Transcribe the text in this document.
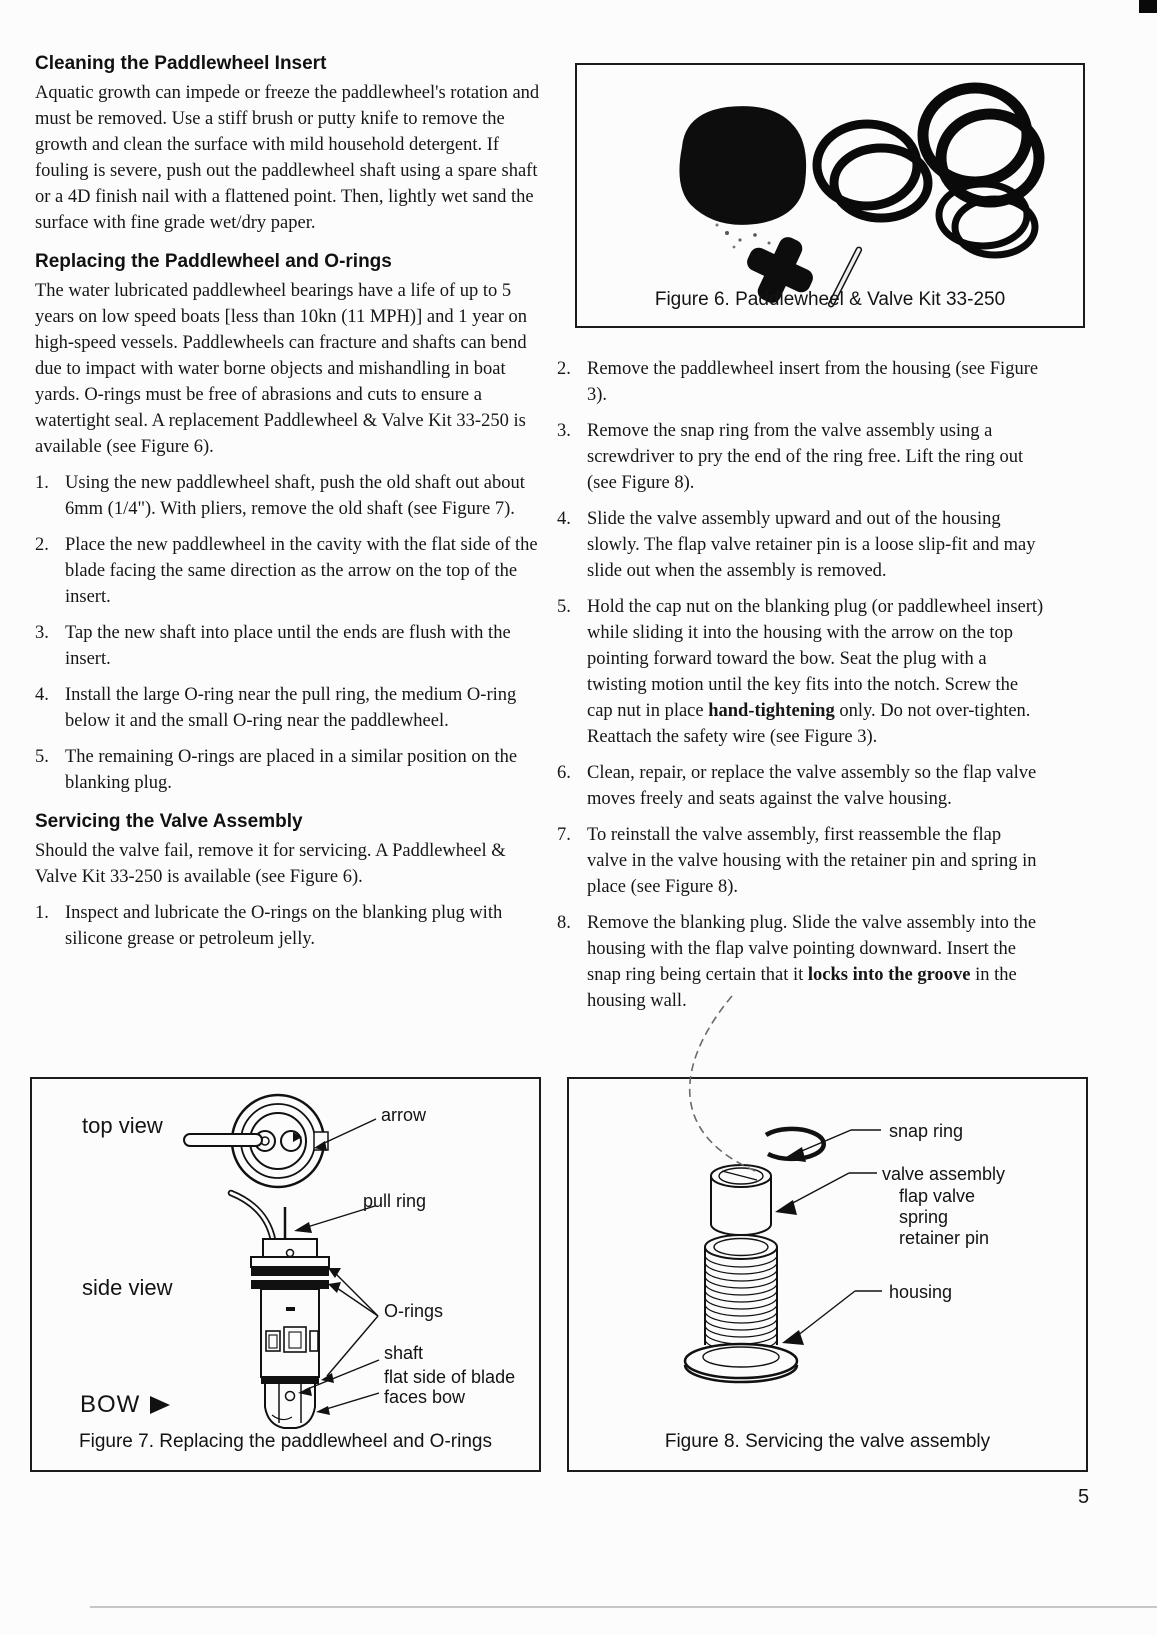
Cleaning the Paddlewheel Insert

Aquatic growth can impede or freeze the paddlewheel's rotation and must be removed. Use a stiff brush or putty knife to remove the growth and clean the surface with mild household detergent. If fouling is severe, push out the paddlewheel shaft using a spare shaft or a 4D finish nail with a flattened point. Then, lightly wet sand the surface with fine grade wet/dry paper.

Replacing the Paddlewheel and O-rings

The water lubricated paddlewheel bearings have a life of up to 5 years on low speed boats [less than 10kn (11 MPH)] and 1 year on high-speed vessels. Paddlewheels can fracture and shafts can bend due to impact with water borne objects and mishandling in boat yards. O-rings must be free of abrasions and cuts to ensure a watertight seal. A replacement Paddlewheel & Valve Kit 33-250 is available (see Figure 6).

1. Using the new paddlewheel shaft, push the old shaft out about 6mm (1/4"). With pliers, remove the old shaft (see Figure 7).
2. Place the new paddlewheel in the cavity with the flat side of the blade facing the same direction as the arrow on the top of the insert.
3. Tap the new shaft into place until the ends are flush with the insert.
4. Install the large O-ring near the pull ring, the medium O-ring below it and the small O-ring near the paddlewheel.
5. The remaining O-rings are placed in a similar position on the blanking plug.
Servicing the Valve Assembly

Should the valve fail, remove it for servicing. A Paddlewheel & Valve Kit 33-250 is available (see Figure 6).

1. Inspect and lubricate the O-rings on the blanking plug with silicone grease or petroleum jelly.
Figure 6. Paddlewheel & Valve Kit 33-250
2. Remove the paddlewheel insert from the housing (see Figure 3).
3. Remove the snap ring from the valve assembly using a screwdriver to pry the end of the ring free. Lift the ring out (see Figure 8).
4. Slide the valve assembly upward and out of the housing slowly. The flap valve retainer pin is a loose slip-fit and may slide out when the assembly is removed.
5. Hold the cap nut on the blanking plug (or paddlewheel insert) while sliding it into the housing with the arrow on the top pointing forward toward the bow. Seat the plug with a twisting motion until the key fits into the notch. Screw the cap nut in place hand-tightening only. Do not over-tighten. Reattach the safety wire (see Figure 3).
6. Clean, repair, or replace the valve assembly so the flap valve moves freely and seats against the valve housing.
7. To reinstall the valve assembly, first reassemble the flap valve in the valve housing with the retainer pin and spring in place (see Figure 8).
8. Remove the blanking plug. Slide the valve assembly into the housing with the flap valve pointing downward. Insert the snap ring being certain that it locks into the groove in the housing wall.
top view
side view
arrow
pull ring
O-rings
shaft
flat side of blade
faces bow
BOW
Figure 7. Replacing the paddlewheel and O-rings
snap ring
valve assembly
flap valve
spring
retainer pin
housing
Figure 8. Servicing the valve assembly
5
